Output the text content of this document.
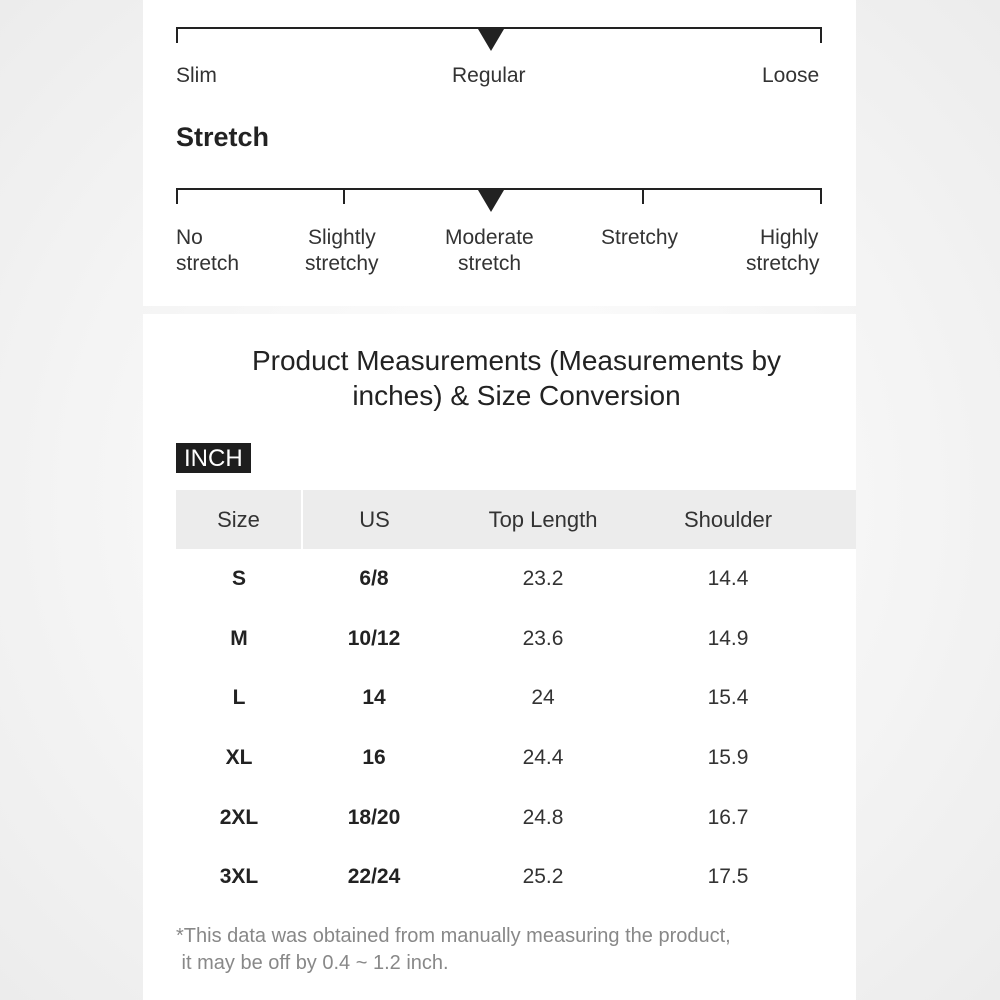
Slim	Regular	Loose
Stretch
No
stretch
Slightly
stretchy
Moderate
stretch
Stretchy	Highly
stretchy
Product Measurements (Measurements by
inches) & Size Conversion
INCH
Size	US	Top Length	Shoulder	
S	6/8	23.2	14.4	
M	10/12	23.6	14.9	
L	14	24	15.4	
XL	16	24.4	15.9	
2XL	18/20	24.8	16.7	
3XL	22/24	25.2	17.5	
*This data was obtained from manually measuring the product,
it may be off by 0.4 ~ 1.2 inch.
